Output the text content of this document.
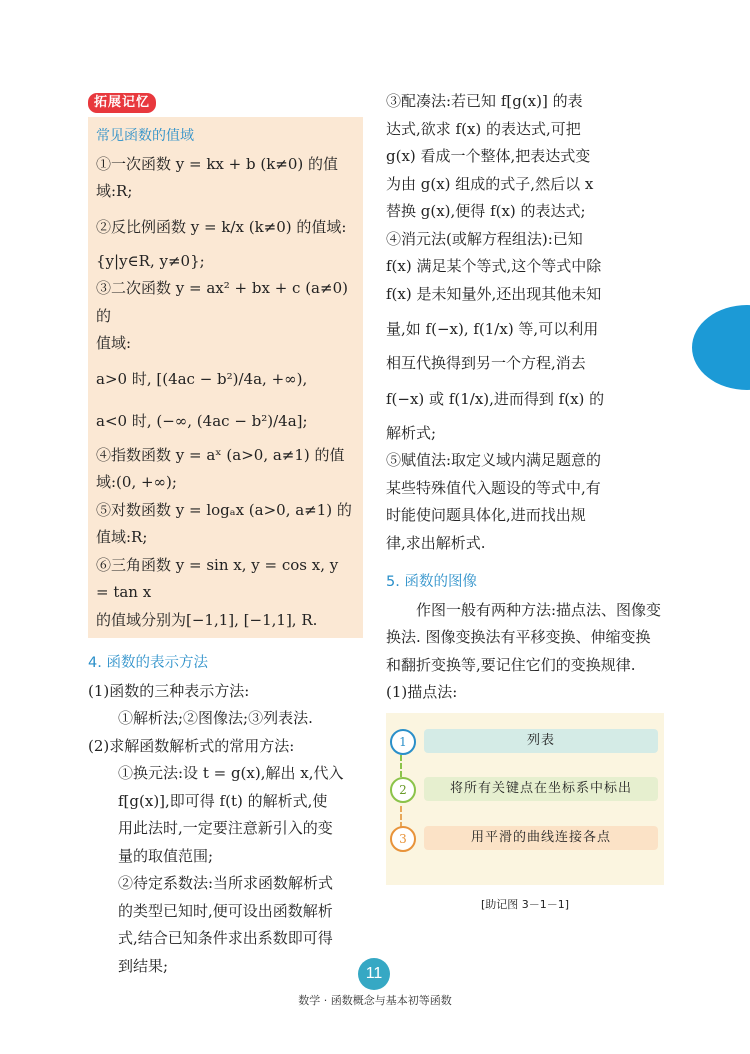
拓展记忆
常见函数的值域
①一次函数 y = kx + b (k≠0) 的值
域:R;
②反比例函数 y = k/x (k≠0) 的值域:
{y|y∈R, y≠0};
③二次函数 y = ax² + bx + c (a≠0) 的
值域:
a>0 时, [(4ac − b²)/4a, +∞),
a<0 时, (−∞, (4ac − b²)/4a];
④指数函数 y = aˣ (a>0, a≠1) 的值
域:(0, +∞);
⑤对数函数 y = logₐx (a>0, a≠1) 的
值域:R;
⑥三角函数 y = sin x, y = cos x, y = tan x
的值域分别为[−1,1], [−1,1], R.
4. 函数的表示方法
(1)函数的三种表示方法:
①解析法;②图像法;③列表法.
(2)求解函数解析式的常用方法:
①换元法:设 t = g(x),解出 x,代入
f[g(x)],即可得 f(t) 的解析式,使
用此法时,一定要注意新引入的变
量的取值范围;
②待定系数法:当所求函数解析式
的类型已知时,便可设出函数解析
式,结合已知条件求出系数即可得
到结果;
③配凑法:若已知 f[g(x)] 的表
达式,欲求 f(x) 的表达式,可把
g(x) 看成一个整体,把表达式变
为由 g(x) 组成的式子,然后以 x
替换 g(x),便得 f(x) 的表达式;
④消元法(或解方程组法):已知
f(x) 满足某个等式,这个等式中除
f(x) 是未知量外,还出现其他未知
量,如 f(−x), f(1/x) 等,可以利用
相互代换得到另一个方程,消去
f(−x) 或 f(1/x),进而得到 f(x) 的
解析式;
⑤赋值法:取定义域内满足题意的
某些特殊值代入题设的等式中,有
时能使问题具体化,进而找出规
律,求出解析式.
5. 函数的图像
作图一般有两种方法:描点法、图像变换法. 图像变换法有平移变换、伸缩变换和翻折变换等,要记住它们的变换规律.
(1)描点法:
1	列表
2	将所有关键点在坐标系中标出
3	用平滑的曲线连接各点
[助记图 3－1－1]
11
数学 · 函数概念与基本初等函数
